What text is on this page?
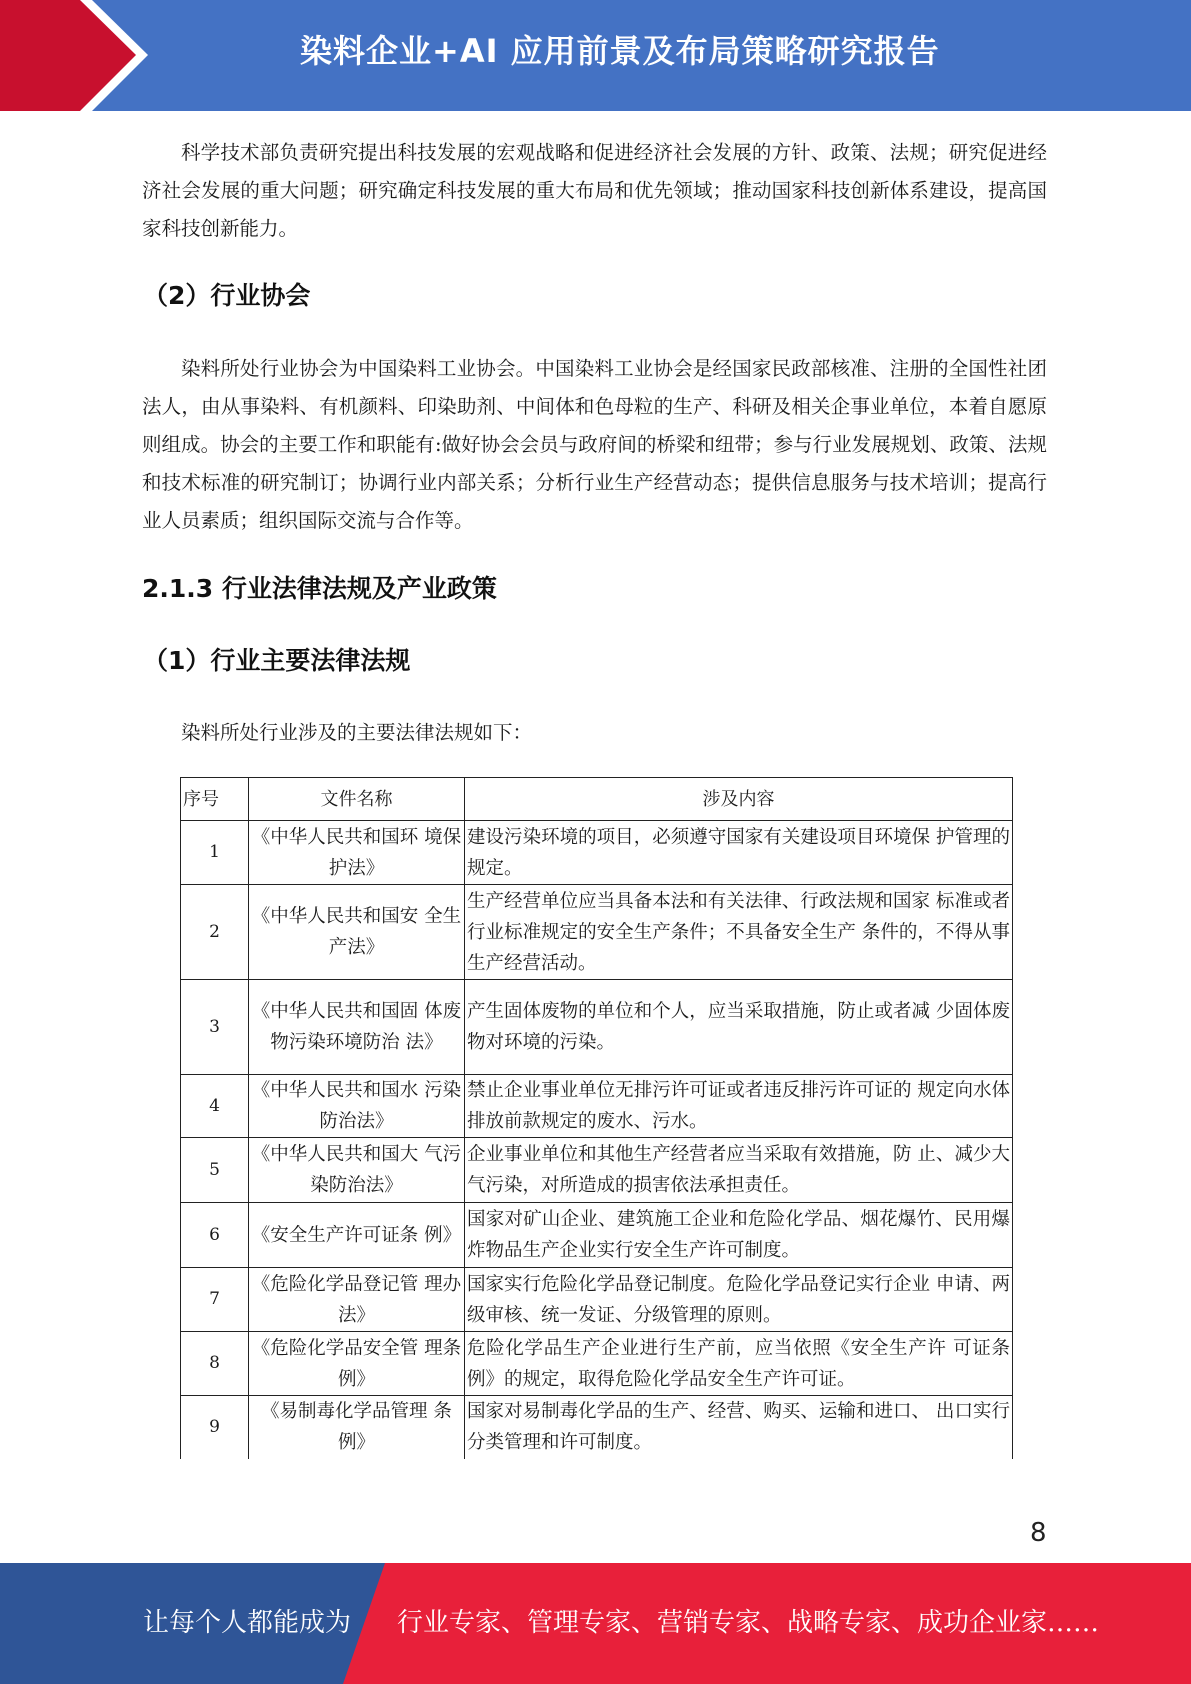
染料企业+AI 应用前景及布局策略研究报告

科学技术部负责研究提出科技发展的宏观战略和促进经济社会发展的方针、政策、法规；研究促进经济社会发展的重大问题；研究确定科技发展的重大布局和优先领域；推动国家科技创新体系建设，提高国家科技创新能力。

（2）行业协会

染料所处行业协会为中国染料工业协会。中国染料工业协会是经国家民政部核准、注册的全国性社团法人，由从事染料、有机颜料、印染助剂、中间体和色母粒的生产、科研及相关企事业单位，本着自愿原则组成。协会的主要工作和职能有:做好协会会员与政府间的桥梁和纽带；参与行业发展规划、政策、法规和技术标准的研究制订；协调行业内部关系；分析行业生产经营动态；提供信息服务与技术培训；提高行业人员素质；组织国际交流与合作等。

2.1.3 行业法律法规及产业政策
（1）行业主要法律法规

染料所处行业涉及的主要法律法规如下：

序号	文件名称	涉及内容
1	《中华人民共和国环 境保护法》	建设污染环境的项目，必须遵守国家有关建设项目环境保 护管理的规定。
2	《中华人民共和国安 全生产法》	生产经营单位应当具备本法和有关法律、行政法规和国家 标准或者行业标准规定的安全生产条件；不具备安全生产 条件的，不得从事生产经营活动。
3	《中华人民共和国固 体废物污染环境防治 法》	产生固体废物的单位和个人，应当采取措施，防止或者减 少固体废物对环境的污染。
4	《中华人民共和国水 污染防治法》	禁止企业事业单位无排污许可证或者违反排污许可证的 规定向水体排放前款规定的废水、污水。
5	《中华人民共和国大 气污染防治法》	企业事业单位和其他生产经营者应当采取有效措施，防 止、减少大气污染，对所造成的损害依法承担责任。
6	《安全生产许可证条 例》	国家对矿山企业、建筑施工企业和危险化学品、烟花爆竹、民用爆炸物品生产企业实行安全生产许可制度。
7	《危险化学品登记管 理办法》	国家实行危险化学品登记制度。危险化学品登记实行企业 申请、两级审核、统一发证、分级管理的原则。
8	《危险化学品安全管 理条例》	危险化学品生产企业进行生产前，应当依照《安全生产许 可证条例》的规定，取得危险化学品安全生产许可证。
9	《易制毒化学品管理 条例》	国家对易制毒化学品的生产、经营、购买、运输和进口、 出口实行分类管理和许可制度。
8
让每个人都能成为 行业专家、管理专家、营销专家、战略专家、成功企业家……
